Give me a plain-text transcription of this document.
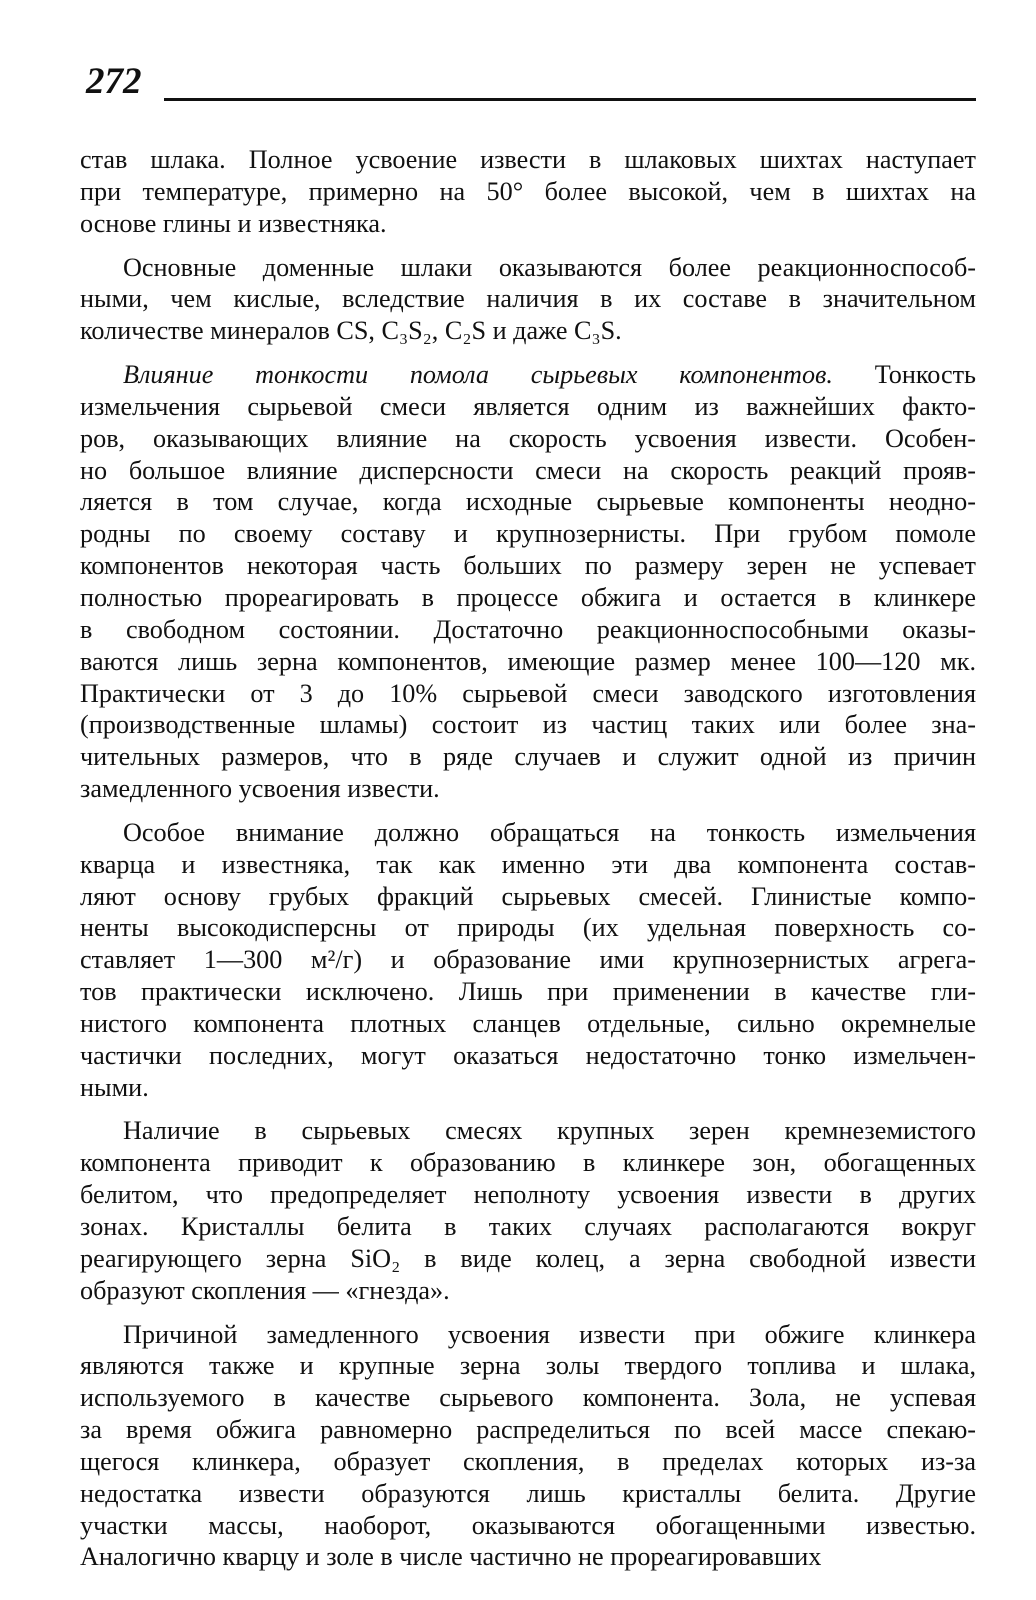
272
став шлака. Полное усвоение извести в шлаковых шихтах наступает
при температуре, примерно на 50° более высокой, чем в шихтах на
основе глины и известняка.
Основные доменные шлаки оказываются более реакционноспособ-
ными, чем кислые, вследствие наличия в их составе в значительном
количестве минералов CS, C₃S₂, C₂S и даже C₃S.
Влияние тонкости помола сырьевых компонентов. Тонкость
измельчения сырьевой смеси является одним из важнейших факто-
ров, оказывающих влияние на скорость усвоения извести. Особен-
но большое влияние дисперсности смеси на скорость реакций прояв-
ляется в том случае, когда исходные сырьевые компоненты неодно-
родны по своему составу и крупнозернисты. При грубом помоле
компонентов некоторая часть больших по размеру зерен не успевает
полностью прореагировать в процессе обжига и остается в клинкере
в свободном состоянии. Достаточно реакционноспособными оказы-
ваются лишь зерна компонентов, имеющие размер менее 100—120 мк.
Практически от 3 до 10% сырьевой смеси заводского изготовления
(производственные шламы) состоит из частиц таких или более зна-
чительных размеров, что в ряде случаев и служит одной из причин
замедленного усвоения извести.
Особое внимание должно обращаться на тонкость измельчения
кварца и известняка, так как именно эти два компонента состав-
ляют основу грубых фракций сырьевых смесей. Глинистые компо-
ненты высокодисперсны от природы (их удельная поверхность со-
ставляет 1—300 м²/г) и образование ими крупнозернистых агрега-
тов практически исключено. Лишь при применении в качестве гли-
нистого компонента плотных сланцев отдельные, сильно окремнелые
частички последних, могут оказаться недостаточно тонко измельчен-
ными.
Наличие в сырьевых смесях крупных зерен кремнеземистого
компонента приводит к образованию в клинкере зон, обогащенных
белитом, что предопределяет неполноту усвоения извести в других
зонах. Кристаллы белита в таких случаях располагаются вокруг
реагирующего зерна SiO₂ в виде колец, а зерна свободной извести
образуют скопления — «гнезда».
Причиной замедленного усвоения извести при обжиге клинкера
являются также и крупные зерна золы твердого топлива и шлака,
используемого в качестве сырьевого компонента. Зола, не успевая
за время обжига равномерно распределиться по всей массе спекаю-
щегося клинкера, образует скопления, в пределах которых из-за
недостатка извести образуются лишь кристаллы белита. Другие
участки массы, наоборот, оказываются обогащенными известью.
Аналогично кварцу и золе в числе частично не прореагировавших
